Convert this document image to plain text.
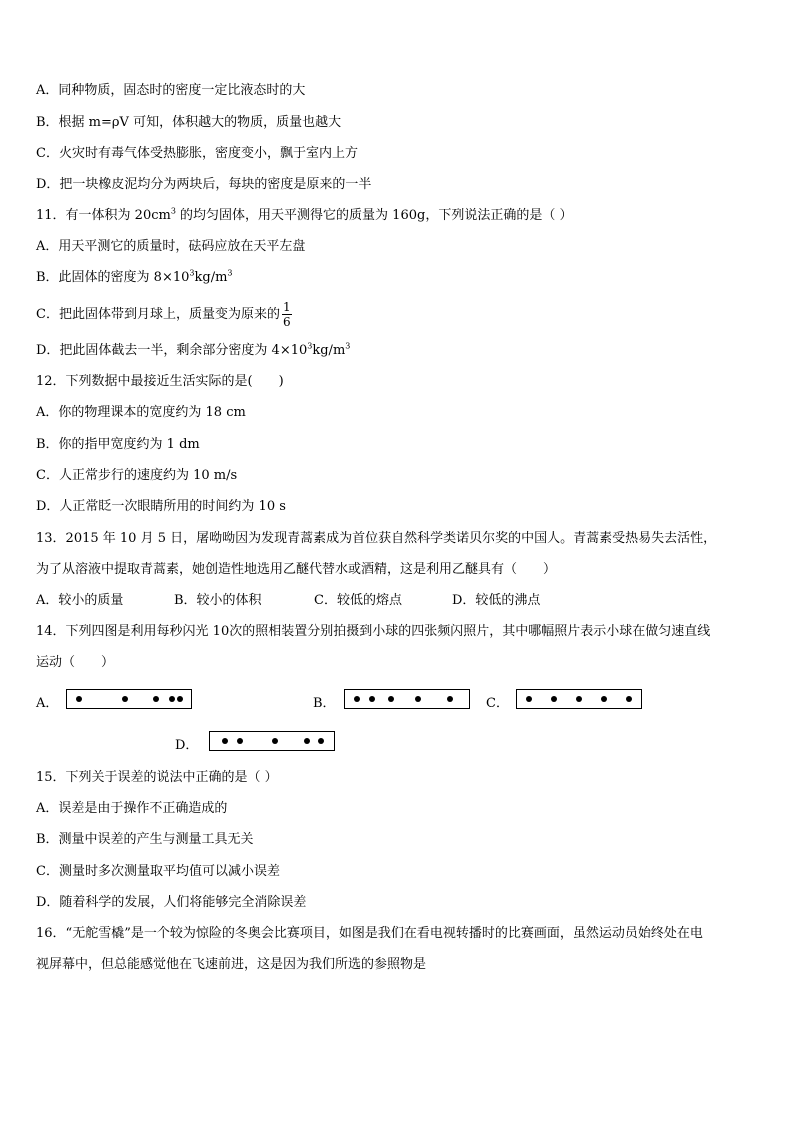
A．同种物质，固态时的密度一定比液态时的大
B．根据 m=ρV 可知，体积越大的物质，质量也越大
C．火灾时有毒气体受热膨胀，密度变小，飘于室内上方
D．把一块橡皮泥均分为两块后，每块的密度是原来的一半
11．有一体积为 $20cm^3$ 的均匀固体，用天平测得它的质量为 160g，下列说法正确的是（ ）
A．用天平测它的质量时，砝码应放在天平左盘
B．此固体的密度为 $8\times 10^3kg/m^3$
C．把此固体带到月球上，质量变为原来的 $\frac{1}{6}$
D．把此固体截去一半，剩余部分密度为 $4\times 10^3kg/m^3$
12．下列数据中最接近生活实际的是(　　)
A．你的物理课本的宽度约为 18 cm
B．你的指甲宽度约为 1 dm
C．人正常步行的速度约为 10 m/s
D．人正常眨一次眼睛所用的时间约为 10 s
13．2015 年 10 月 5 日，屠呦呦因为发现青蒿素成为首位获自然科学类诺贝尔奖的中国人。青蒿素受热易失去活性，
为了从溶液中提取青蒿素，她创造性地选用乙醚代替水或酒精，这是利用乙醚具有（　　）
A．较小的质量	B．较小的体积	C．较低的熔点	D．较低的沸点
14．下列四图是利用每秒闪光 10次的照相装置分别拍摄到小球的四张频闪照片，其中哪幅照片表示小球在做匀速直线
运动（　　）
A．	B．	C．
D．
15．下列关于误差的说法中正确的是（ ）
A．误差是由于操作不正确造成的
B．测量中误差的产生与测量工具无关
C．测量时多次测量取平均值可以减小误差
D．随着科学的发展，人们将能够完全消除误差
16．“无舵雪橇”是一个较为惊险的冬奥会比赛项目，如图是我们在看电视转播时的比赛画面，虽然运动员始终处在电
视屏幕中，但总能感觉他在飞速前进，这是因为我们所选的参照物是
